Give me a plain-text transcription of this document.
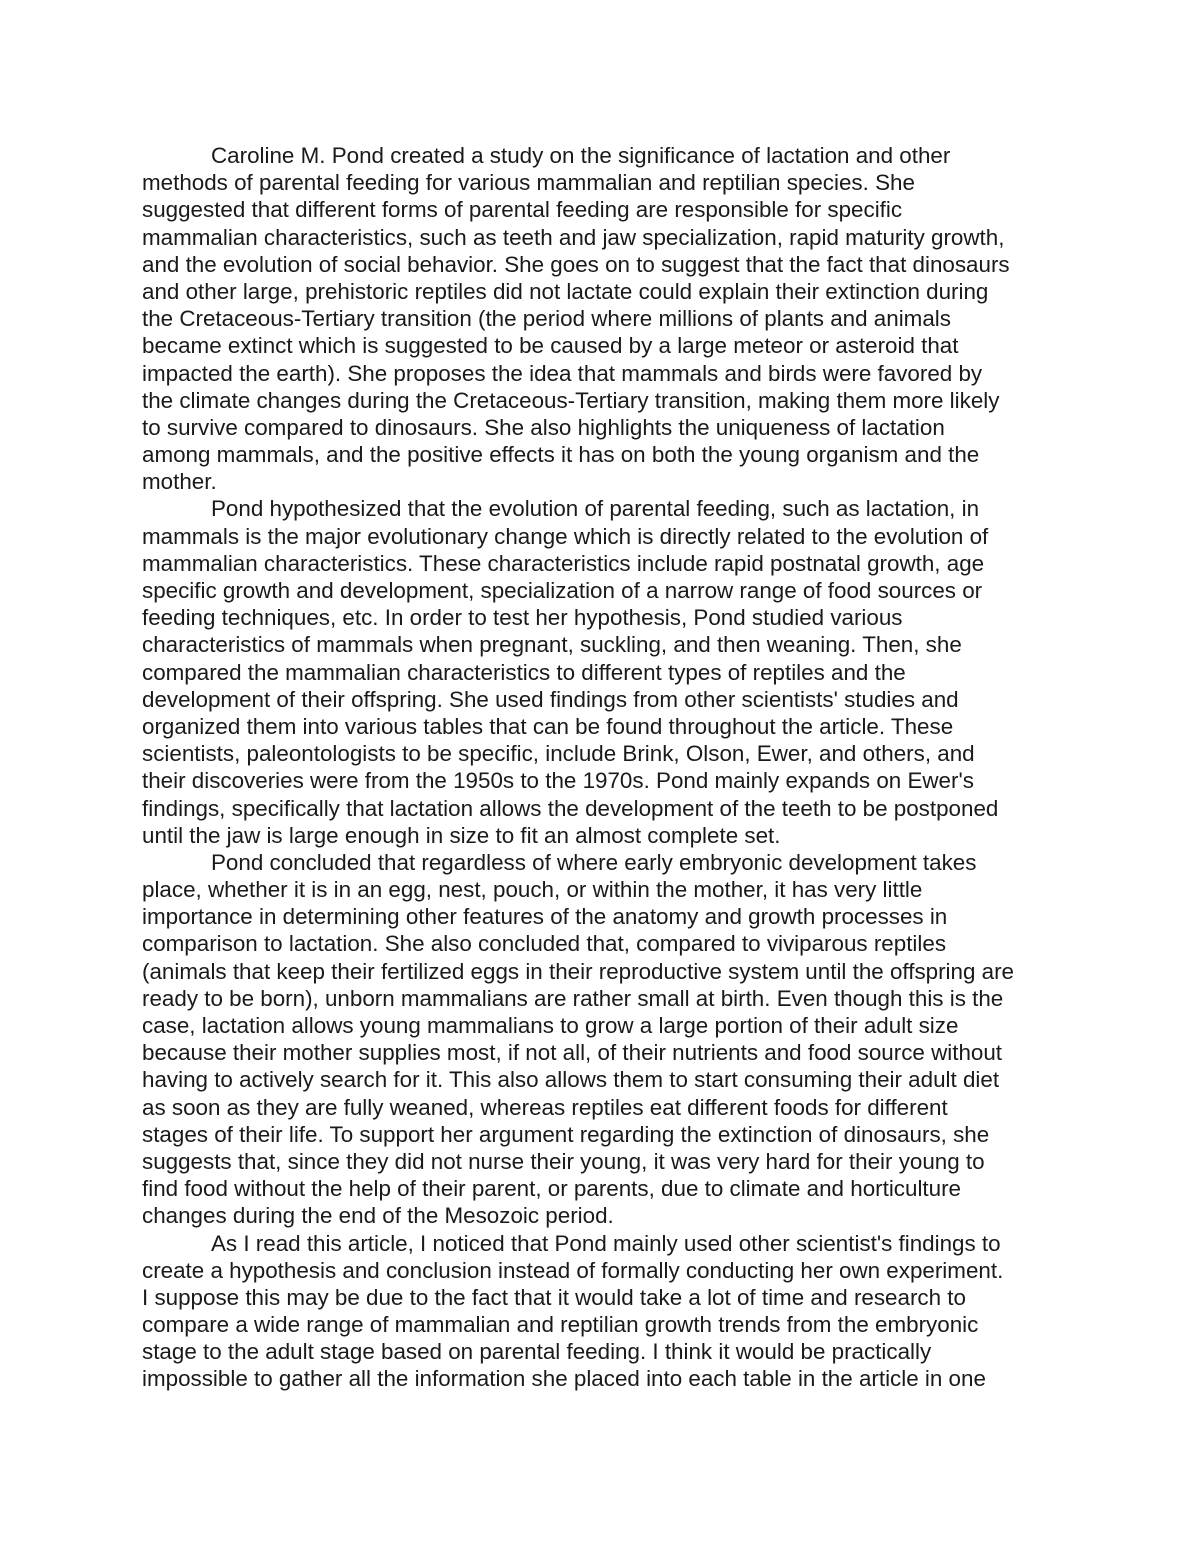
Caroline M. Pond created a study on the significance of lactation and other
methods of parental feeding for various mammalian and reptilian species. She
suggested that different forms of parental feeding are responsible for specific
mammalian characteristics, such as teeth and jaw specialization, rapid maturity growth,
and the evolution of social behavior. She goes on to suggest that the fact that dinosaurs
and other large, prehistoric reptiles did not lactate could explain their extinction during
the Cretaceous-Tertiary transition (the period where millions of plants and animals
became extinct which is suggested to be caused by a large meteor or asteroid that
impacted the earth). She proposes the idea that mammals and birds were favored by
the climate changes during the Cretaceous-Tertiary transition, making them more likely
to survive compared to dinosaurs. She also highlights the uniqueness of lactation
among mammals, and the positive effects it has on both the young organism and the
mother.
Pond hypothesized that the evolution of parental feeding, such as lactation, in
mammals is the major evolutionary change which is directly related to the evolution of
mammalian characteristics. These characteristics include rapid postnatal growth, age
specific growth and development, specialization of a narrow range of food sources or
feeding techniques, etc. In order to test her hypothesis, Pond studied various
characteristics of mammals when pregnant, suckling, and then weaning. Then, she
compared the mammalian characteristics to different types of reptiles and the
development of their offspring. She used findings from other scientists' studies and
organized them into various tables that can be found throughout the article. These
scientists, paleontologists to be specific, include Brink, Olson, Ewer, and others, and
their discoveries were from the 1950s to the 1970s. Pond mainly expands on Ewer's
findings, specifically that lactation allows the development of the teeth to be postponed
until the jaw is large enough in size to fit an almost complete set.
Pond concluded that regardless of where early embryonic development takes
place, whether it is in an egg, nest, pouch, or within the mother, it has very little
importance in determining other features of the anatomy and growth processes in
comparison to lactation. She also concluded that, compared to viviparous reptiles
(animals that keep their fertilized eggs in their reproductive system until the offspring are
ready to be born), unborn mammalians are rather small at birth. Even though this is the
case, lactation allows young mammalians to grow a large portion of their adult size
because their mother supplies most, if not all, of their nutrients and food source without
having to actively search for it. This also allows them to start consuming their adult diet
as soon as they are fully weaned, whereas reptiles eat different foods for different
stages of their life. To support her argument regarding the extinction of dinosaurs, she
suggests that, since they did not nurse their young, it was very hard for their young to
find food without the help of their parent, or parents, due to climate and horticulture
changes during the end of the Mesozoic period.
As I read this article, I noticed that Pond mainly used other scientist's findings to
create a hypothesis and conclusion instead of formally conducting her own experiment.
I suppose this may be due to the fact that it would take a lot of time and research to
compare a wide range of mammalian and reptilian growth trends from the embryonic
stage to the adult stage based on parental feeding. I think it would be practically
impossible to gather all the information she placed into each table in the article in one
